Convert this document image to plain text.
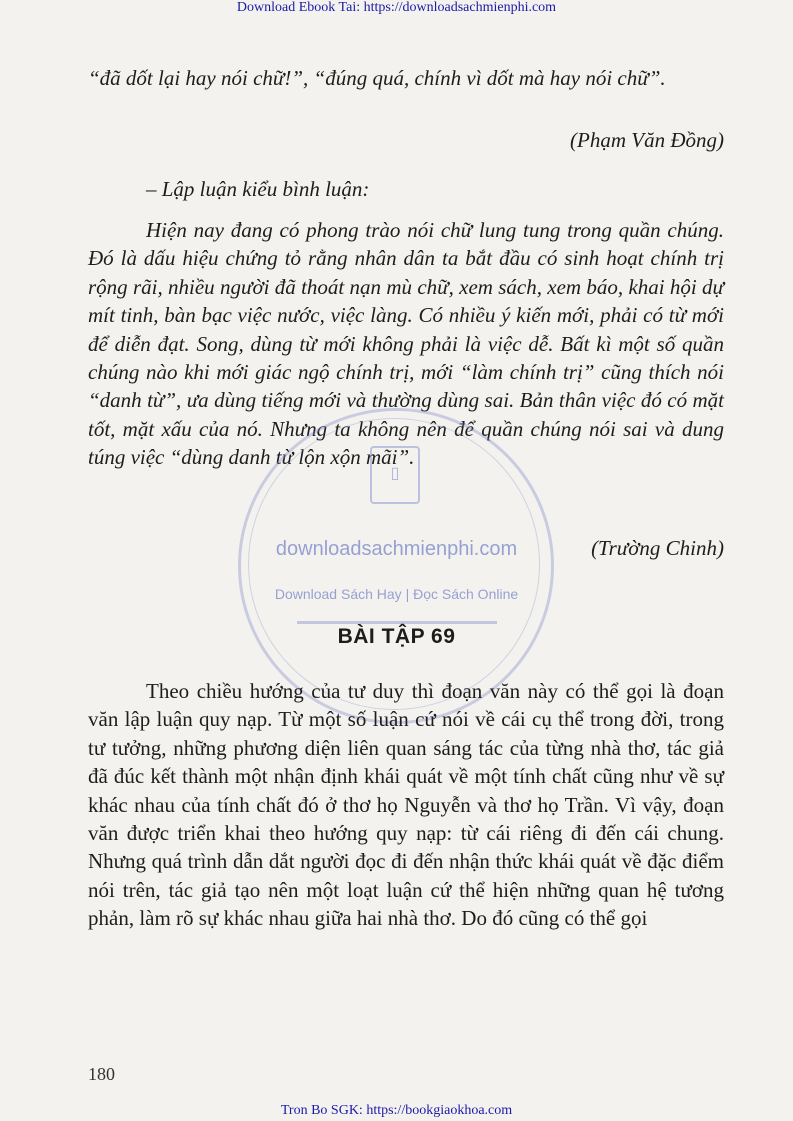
Download Ebook Tai: https://downloadsachmienphi.com

“đã dốt lại hay nói chữ!”, “đúng quá, chính vì dốt mà hay nói chữ”.

(Phạm Văn Đồng)

– Lập luận kiểu bình luận:

Hiện nay đang có phong trào nói chữ lung tung trong quần chúng. Đó là dấu hiệu chứng tỏ rằng nhân dân ta bắt đầu có sinh hoạt chính trị rộng rãi, nhiều người đã thoát nạn mù chữ, xem sách, xem báo, khai hội dự mít tinh, bàn bạc việc nước, việc làng. Có nhiều ý kiến mới, phải có từ mới để diễn đạt. Song, dùng từ mới không phải là việc dễ. Bất kì một số quần chúng nào khi mới giác ngộ chính trị, mới “làm chính trị” cũng thích nói “danh từ”, ưa dùng tiếng mới và thường dùng sai. Bản thân việc đó có mặt tốt, mặt xấu của nó. Nhưng ta không nên để quần chúng nói sai và dung túng việc “dùng danh từ lộn xộn mãi”.

(Trường Chinh)

▯
downloadsachmienphi.com
Download Sách Hay | Đọc Sách Online
BÀI TẬP 69

Theo chiều hướng của tư duy thì đoạn văn này có thể gọi là đoạn văn lập luận quy nạp. Từ một số luận cứ nói về cái cụ thể trong đời, trong tư tưởng, những phương diện liên quan sáng tác của từng nhà thơ, tác giả đã đúc kết thành một nhận định khái quát về một tính chất cũng như về sự khác nhau của tính chất đó ở thơ họ Nguyễn và thơ họ Trần. Vì vậy, đoạn văn được triển khai theo hướng quy nạp: từ cái riêng đi đến cái chung. Nhưng quá trình dẫn dắt người đọc đi đến nhận thức khái quát về đặc điểm nói trên, tác giả tạo nên một loạt luận cứ thể hiện những quan hệ tương phản, làm rõ sự khác nhau giữa hai nhà thơ. Do đó cũng có thể gọi

180
Tron Bo SGK: https://bookgiaokhoa.com
